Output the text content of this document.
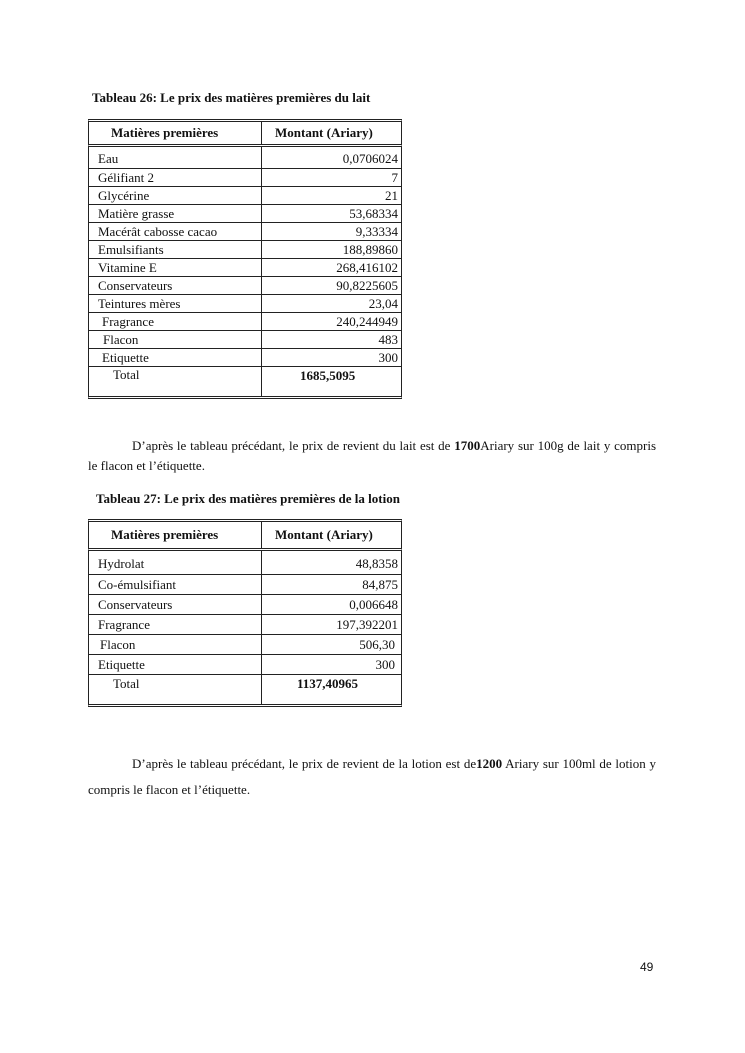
Tableau 26: Le prix des matières premières du lait
Matières premières	Montant (Ariary)
Eau	0,0706024
Gélifiant 2	7
Glycérine	21
Matière grasse	53,68334
Macérât cabosse cacao	9,33334
Emulsifiants	188,89860
Vitamine E	268,416102
Conservateurs	90,8225605
Teintures mères	23,04
Fragrance	240,244949
Flacon	483
Etiquette	300
Total	1685,5095
D’après le tableau précédant, le prix de revient du lait est de 1700Ariary sur 100g de lait y compris le flacon et l’étiquette.
Tableau 27: Le prix des matières premières de la lotion
Matières premières	Montant (Ariary)
Hydrolat	48,8358
Co-émulsifiant	84,875
Conservateurs	0,006648
Fragrance	197,392201
Flacon	506,30
Etiquette	300
Total	1137,40965
D’après le tableau précédant, le prix de revient de la lotion est de1200 Ariary sur 100ml de lotion y compris le flacon et l’étiquette.
49
